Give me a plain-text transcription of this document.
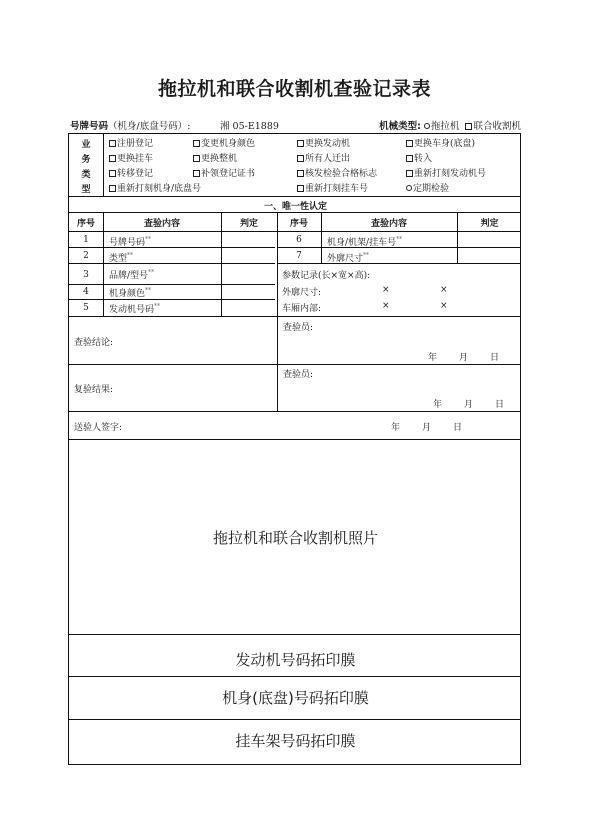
拖拉机和联合收割机查验记录表
号牌号码（机身/底盘号码）:	湘 05-E1889	机械类型: 拖拉机 联合收割机
业
务
类
型
注册登记	变更机身颜色	更换发动机	更换车身(底盘)
更换挂车	更换整机	所有人迁出	转入
转移登记	补领登记证书	核发检验合格标志	重新打刻发动机号
重新打刻机身/底盘号	重新打刻挂车号	定期检验
一、唯一性认定
序号	查验内容	判定	序号	查验内容	判定
1	号牌号码**
2	类型**
3	品牌/型号**
4	机身颜色**
5	发动机号码**
6	机身/机架/挂车号**
7	外廓尺寸**
参数记录(长×宽×高):
外廓尺寸:	×	×
车厢内部:	×	×
查验结论:
查验员:
年 月 日
复验结果:
查验员:
年 月 日
送验人签字:	年 月 日
拖拉机和联合收割机照片
发动机号码拓印膜
机身(底盘)号码拓印膜
挂车架号码拓印膜
